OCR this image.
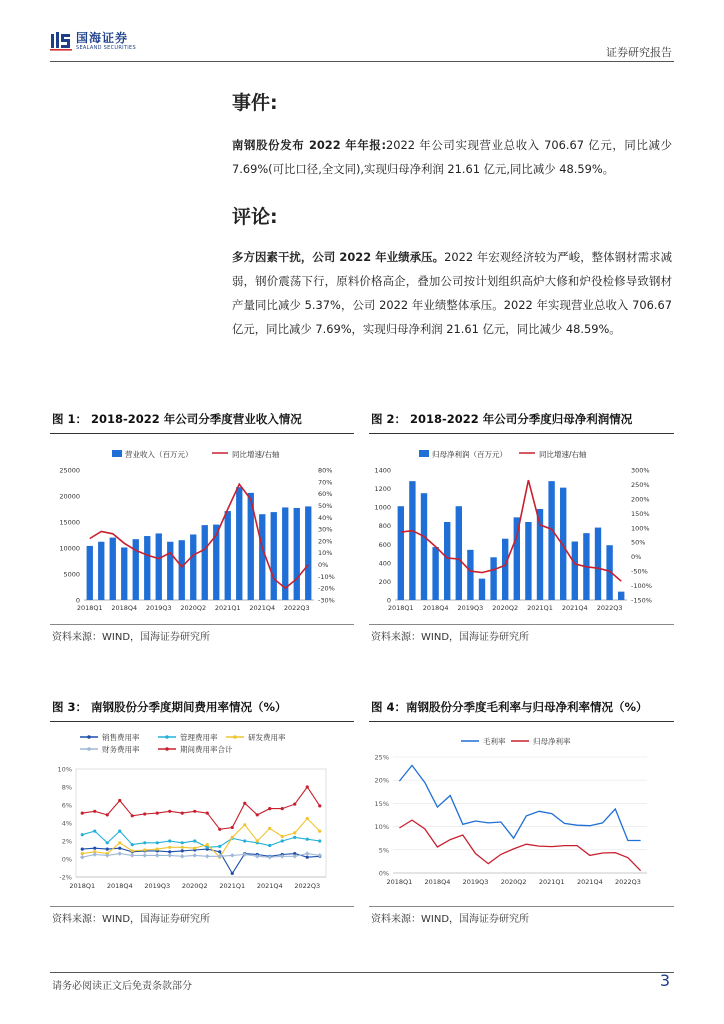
国海证券
SEALAND SECURITIES	证券研究报告
事件:
南钢股份发布 2022 年年报:2022 年公司实现营业总收入 706.67 亿元，同比减少 7.69%(可比口径,全文同),实现归母净利润 21.61 亿元,同比减少 48.59%。
评论:
多方因素干扰，公司 2022 年业绩承压。2022 年宏观经济较为严峻，整体钢材需求减弱，钢价震荡下行，原料价格高企，叠加公司按计划组织高炉大修和炉役检修导致钢材产量同比减少 5.37%，公司 2022 年业绩整体承压。2022 年实现营业总收入 706.67 亿元，同比减少 7.69%，实现归母净利润 21.61 亿元，同比减少 48.59%。
图 1： 2018-2022 年公司分季度营业收入情况	图 2： 2018-2022 年公司分季度归母净利润情况
营业收入（百万元）	同比增速/右轴
0
5000
10000
15000
20000
25000
-30%
-20%
-10%
0%
10%
20%
30%
40%
50%
60%
70%
80%
2018Q1 2018Q4 2019Q3 2020Q2 2021Q1 2021Q4 2022Q3
归母净利润（百万元）	同比增速/右轴
0
200
400
600
800
1000
1200
1400
-150%
-100%
-50%
0%
50%
100%
150%
200%
250%
300%
2018Q1 2018Q4 2019Q3 2020Q2 2021Q1 2021Q4 2022Q3
资料来源：WIND，国海证券研究所	资料来源：WIND，国海证券研究所
图 3： 南钢股份分季度期间费用率情况（%）	图 4：南钢股份分季度毛利率与归母净利率情况（%）
-2%
0%
2%
4%
6%
8%
10%
2018Q1 2018Q4 2019Q3 2020Q2 2021Q1 2021Q4 2022Q3
销售费用率	管理费用率	研发费用率
财务费用率	期间费用率合计
0%
5%
10%
15%
20%
25%
2018Q1 2018Q4 2019Q3 2020Q2 2021Q1 2021Q4 2022Q3
毛利率	归母净利率
资料来源：WIND，国海证券研究所	资料来源：WIND，国海证券研究所
请务必阅读正文后免责条款部分	3
